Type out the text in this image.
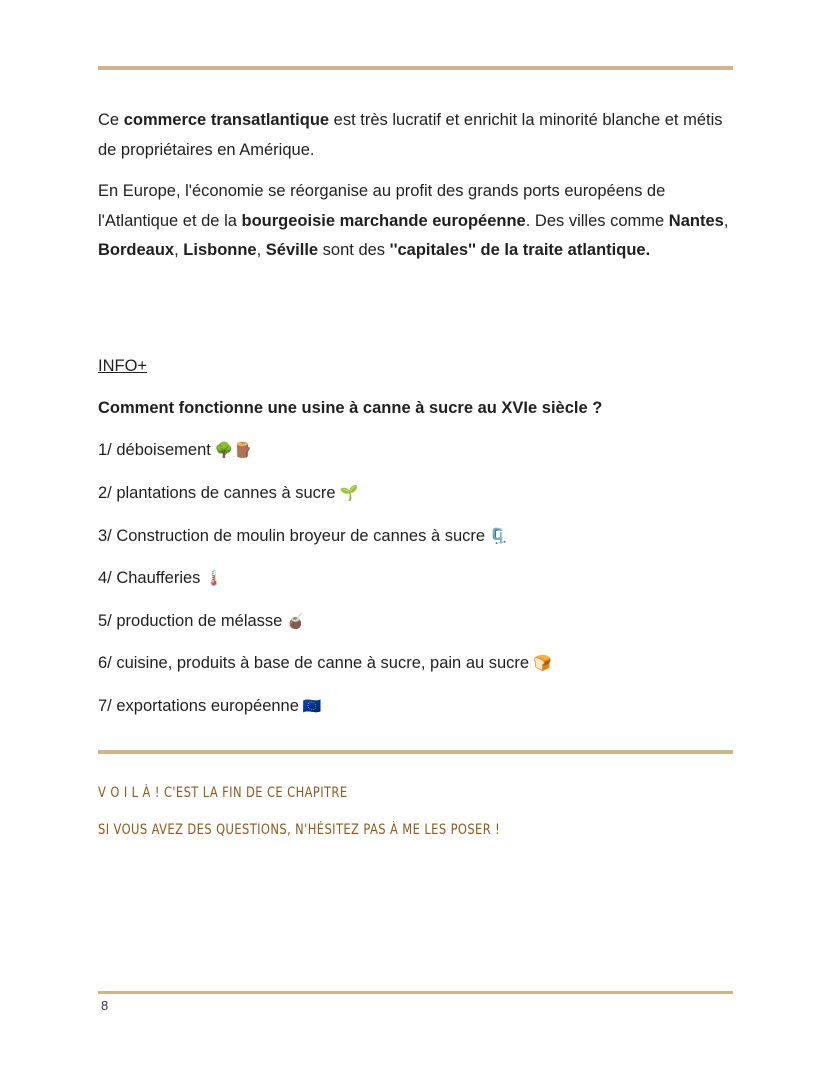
Ce commerce transatlantique est très lucratif et enrichit la minorité blanche et métis de propriétaires en Amérique.

En Europe, l'économie se réorganise au profit des grands ports européens de l'Atlantique et de la bourgeoisie marchande européenne. Des villes comme Nantes, Bordeaux, Lisbonne, Séville sont des ''capitales'' de la traite atlantique.

INFO+
Comment fonctionne une usine à canne à sucre au XVIe siècle ?
1/ déboisement 🌳🪵
2/ plantations de cannes à sucre 🌱
3/ Construction de moulin broyeur de cannes à sucre 🗜️
4/ Chaufferies 🌡️
5/ production de mélasse 🧉
6/ cuisine, produits à base de canne à sucre, pain au sucre 🍞
7/ exportations européenne 🇪🇺
V O I L À ! C'EST LA FIN DE CE CHAPITRE
SI VOUS AVEZ DES QUESTIONS, N'HÉSITEZ PAS À ME LES POSER !
8
